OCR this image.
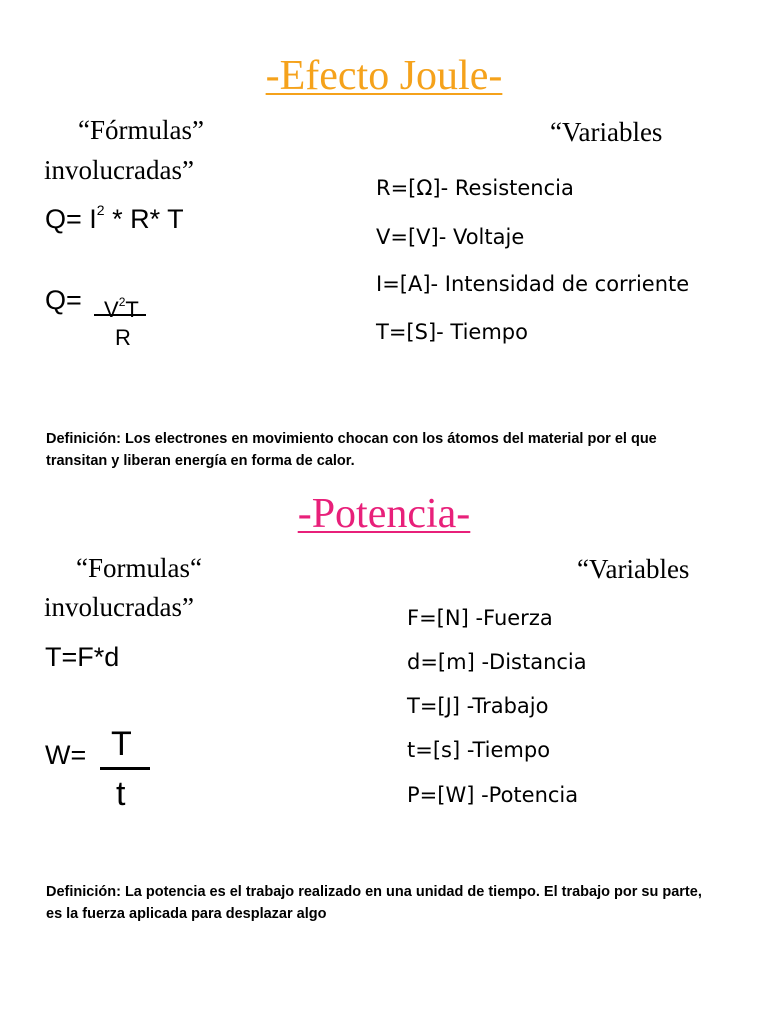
-Efecto Joule-
“Fórmulas”
involucradas”
“Variables
$Q= I^2 * R*$ T
$Q= V^2T$
R
R=[Ω]- Resistencia
V=[V]- Voltaje
I=[A]- Intensidad de corriente
T=[S]- Tiempo
Definición: Los electrones en movimiento chocan con los átomos del material por el que transitan y liberan energía en forma de calor.
-Potencia-
“Formulas“
involucradas”
“Variables
T=F*d
W= T
t
F=[N] -Fuerza
d=[m] -Distancia
T=[J] -Trabajo
t=[s] -Tiempo
P=[W] -Potencia
Definición: La potencia es el trabajo realizado en una unidad de tiempo. El trabajo por su parte, es la fuerza aplicada para desplazar algo
